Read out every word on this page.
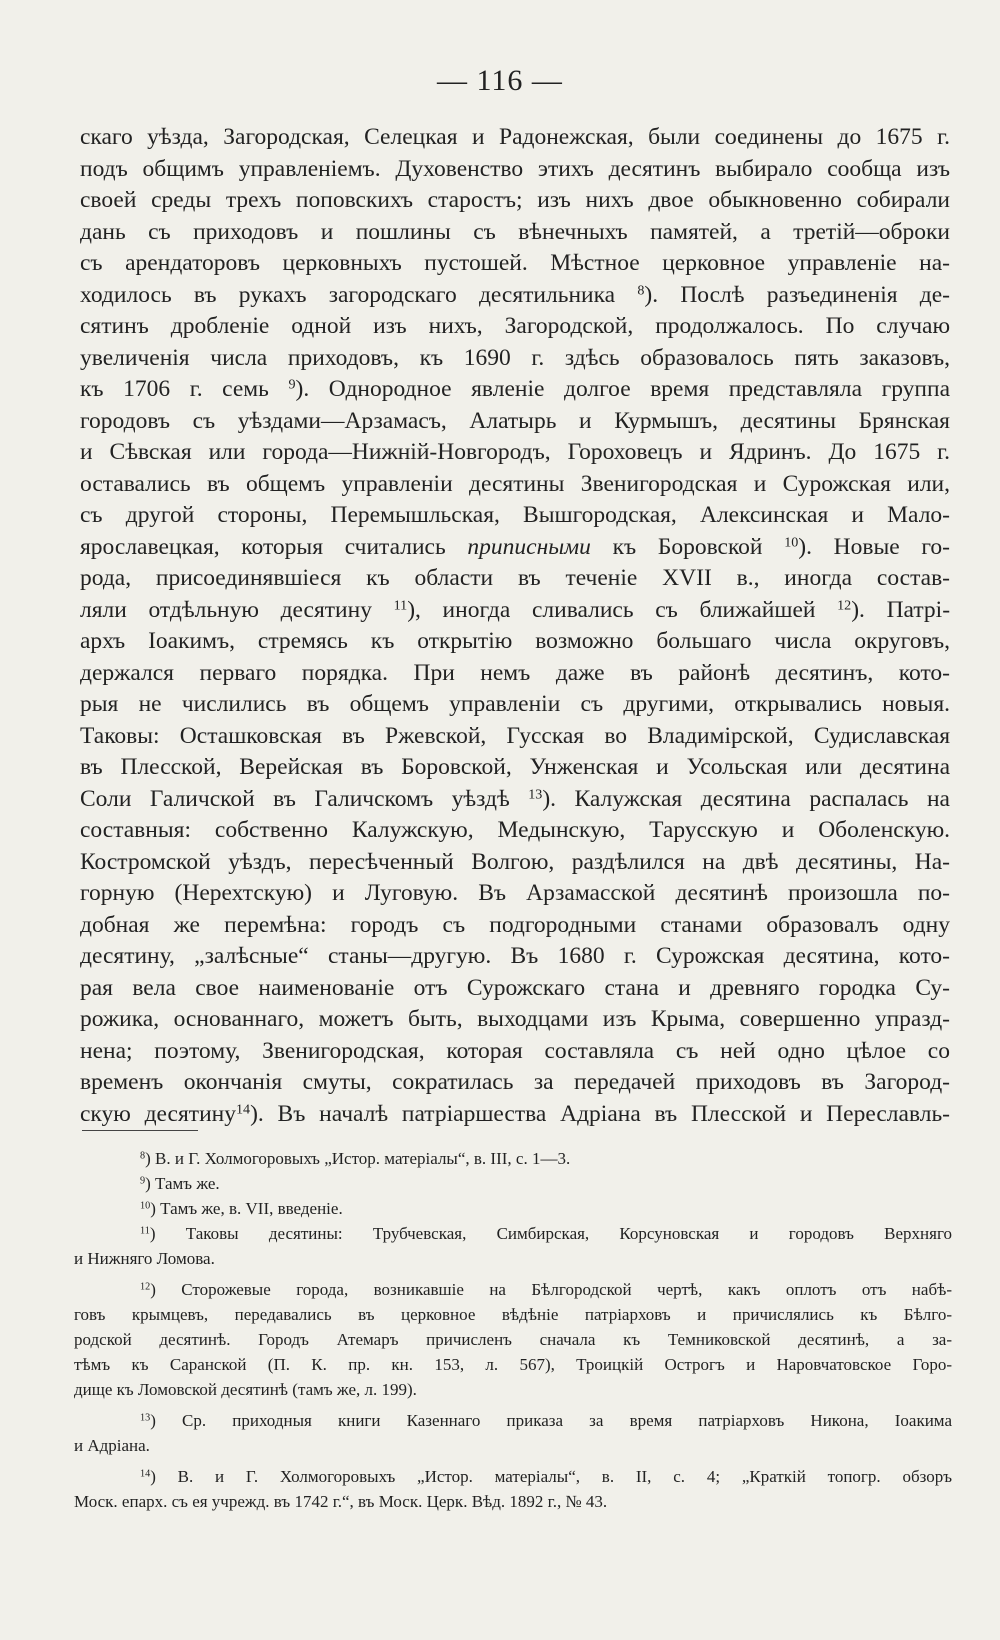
— 116 —
скаго уѣзда, Загородская, Селецкая и Радонежская, были соединены до 1675 г.
подъ общимъ управленіемъ. Духовенство этихъ десятинъ выбирало сообща изъ
своей среды трехъ поповскихъ старостъ; изъ нихъ двое обыкновенно собирали
дань съ приходовъ и пошлины съ вѣнечныхъ памятей, а третій—оброки
съ арендаторовъ церковныхъ пустошей. Мѣстное церковное управленіе на-
ходилось въ рукахъ загородскаго десятильника $^8$). Послѣ разъединенія де-
сятинъ дробленіе одной изъ нихъ, Загородской, продолжалось. По случаю
увеличенія числа приходовъ, къ 1690 г. здѣсь образовалось пять заказовъ,
къ 1706 г. семь $^9$). Однородное явленіе долгое время представляла группа
городовъ съ уѣздами—Арзамасъ, Алатырь и Курмышъ, десятины Брянская
и Сѣвская или города—Нижній-Новгородъ, Гороховецъ и Ядринъ. До 1675 г.
оставались въ общемъ управленіи десятины Звенигородская и Сурожская или,
съ другой стороны, Перемышльская, Вышгородская, Алексинская и Мало-
ярославецкая, которыя считались приписными къ Боровской $^{10}$). Новые го-
рода, присоединявшіеся къ области въ теченіе XVII в., иногда состав-
ляли отдѣльную десятину $^{11}$), иногда сливались съ ближайшей $^{12}$). Патрі-
архъ Іоакимъ, стремясь къ открытію возможно большаго числа округовъ,
держался перваго порядка. При немъ даже въ районѣ десятинъ, кото-
рыя не числились въ общемъ управленіи съ другими, открывались новыя.
Таковы: Осташковская въ Ржевской, Гусская во Владимірской, Судиславская
въ Плесской, Верейская въ Боровской, Унженская и Усольская или десятина
Соли Галичской въ Галичскомъ уѣздѣ $^{13}$). Калужская десятина распалась на
составныя: собственно Калужскую, Медынскую, Тарусскую и Оболенскую.
Костромской уѣздъ, пересѣченный Волгою, раздѣлился на двѣ десятины, На-
горную (Нерехтскую) и Луговую. Въ Арзамасской десятинѣ произошла по-
добная же перемѣна: городъ съ подгородными станами образовалъ одну
десятину, „залѣсные“ станы—другую. Въ 1680 г. Сурожская десятина, кото-
рая вела свое наименованіе отъ Сурожскаго стана и древняго городка Су-
рожика, основаннаго, можетъ быть, выходцами изъ Крыма, совершенно упразд-
нена; поэтому, Звенигородская, которая составляла съ ней одно цѣлое со
временъ окончанія смуты, сократилась за передачей приходовъ въ Загород-
скую десятину$^{14}$). Въ началѣ патріаршества Адріана въ Плесской и Переславль-
$^8$) В. и Г. Холмогоровыхъ „Истор. матеріалы“, в. III, с. 1—3.
$^9$) Тамъ же.
$^{10}$) Тамъ же, в. VII, введеніе.
$^{11}$) Таковы десятины: Трубчевская, Симбирская, Корсуновская и городовъ Верхняго
и Нижняго Ломова.
$^{12}$) Сторожевые города, возникавшіе на Бѣлгородской чертѣ, какъ оплотъ отъ набѣ-
говъ крымцевъ, передавались въ церковное вѣдѣніе патріарховъ и причислялись къ Бѣлго-
родской десятинѣ. Городъ Атемаръ причисленъ сначала къ Темниковской десятинѣ, а за-
тѣмъ къ Саранской (П. К. пр. кн. 153, л. 567), Троицкій Острогъ и Наровчатовское Горо-
дище къ Ломовской десятинѣ (тамъ же, л. 199).
$^{13}$) Ср. приходныя книги Казеннаго приказа за время патріарховъ Никона, Іоакима
и Адріана.
$^{14}$) В. и Г. Холмогоровыхъ „Истор. матеріалы“, в. II, с. 4; „Краткій топогр. обзоръ
Моск. епарх. съ ея учрежд. въ 1742 г.“, въ Моск. Церк. Вѣд. 1892 г., № 43.
